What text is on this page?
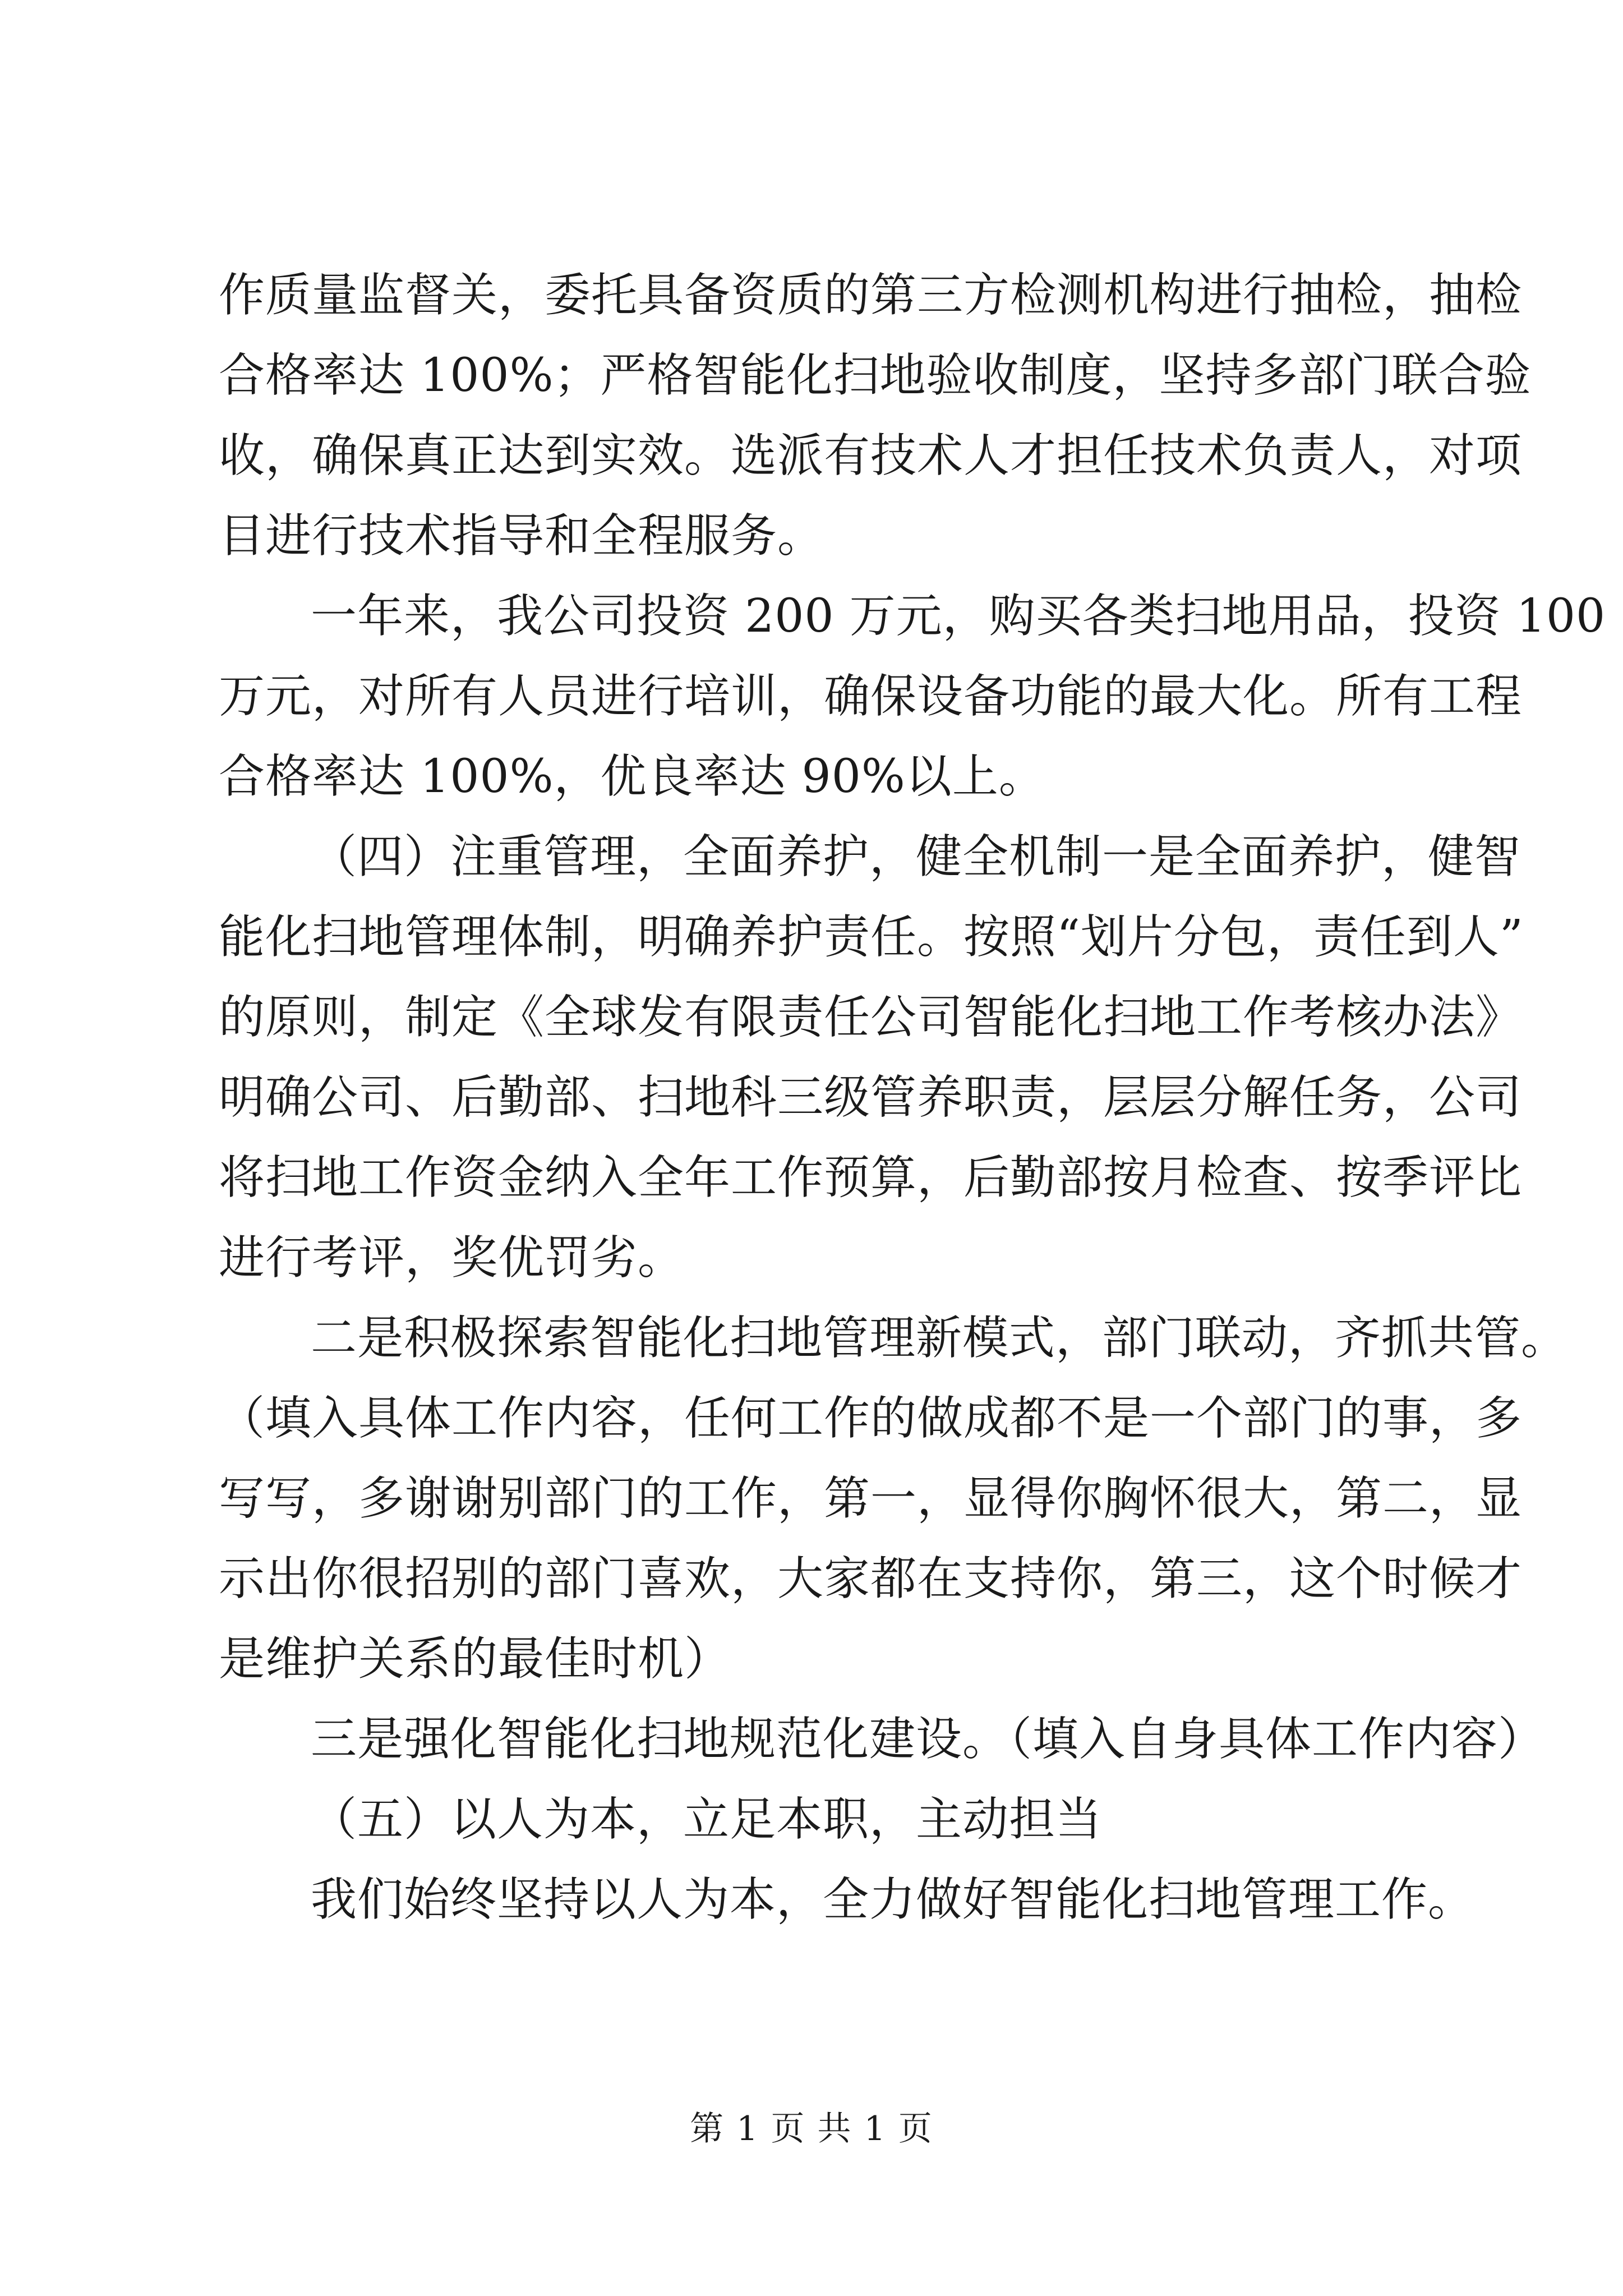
作质量监督关，委托具备资质的第三方检测机构进行抽检，抽检
合格率达 100%；严格智能化扫地验收制度，坚持多部门联合验
收，确保真正达到实效。选派有技术人才担任技术负责人，对项
目进行技术指导和全程服务。
一年来，我公司投资 200 万元，购买各类扫地用品，投资 100
万元，对所有人员进行培训，确保设备功能的最大化。所有工程
合格率达 100%，优良率达 90%以上。
（四）注重管理，全面养护，健全机制一是全面养护，健智
能化扫地管理体制，明确养护责任。按照“划片分包，责任到人”
的原则，制定《全球发有限责任公司智能化扫地工作考核办法》
明确公司、后勤部、扫地科三级管养职责，层层分解任务，公司
将扫地工作资金纳入全年工作预算，后勤部按月检查、按季评比
进行考评，奖优罚劣。
二是积极探索智能化扫地管理新模式，部门联动，齐抓共管。
（填入具体工作内容，任何工作的做成都不是一个部门的事，多
写写，多谢谢别部门的工作，第一，显得你胸怀很大，第二，显
示出你很招别的部门喜欢，大家都在支持你，第三，这个时候才
是维护关系的最佳时机）
三是强化智能化扫地规范化建设。（填入自身具体工作内容）
（五）以人为本，立足本职，主动担当
我们始终坚持以人为本，全力做好智能化扫地管理工作。
第 1 页 共 1 页
